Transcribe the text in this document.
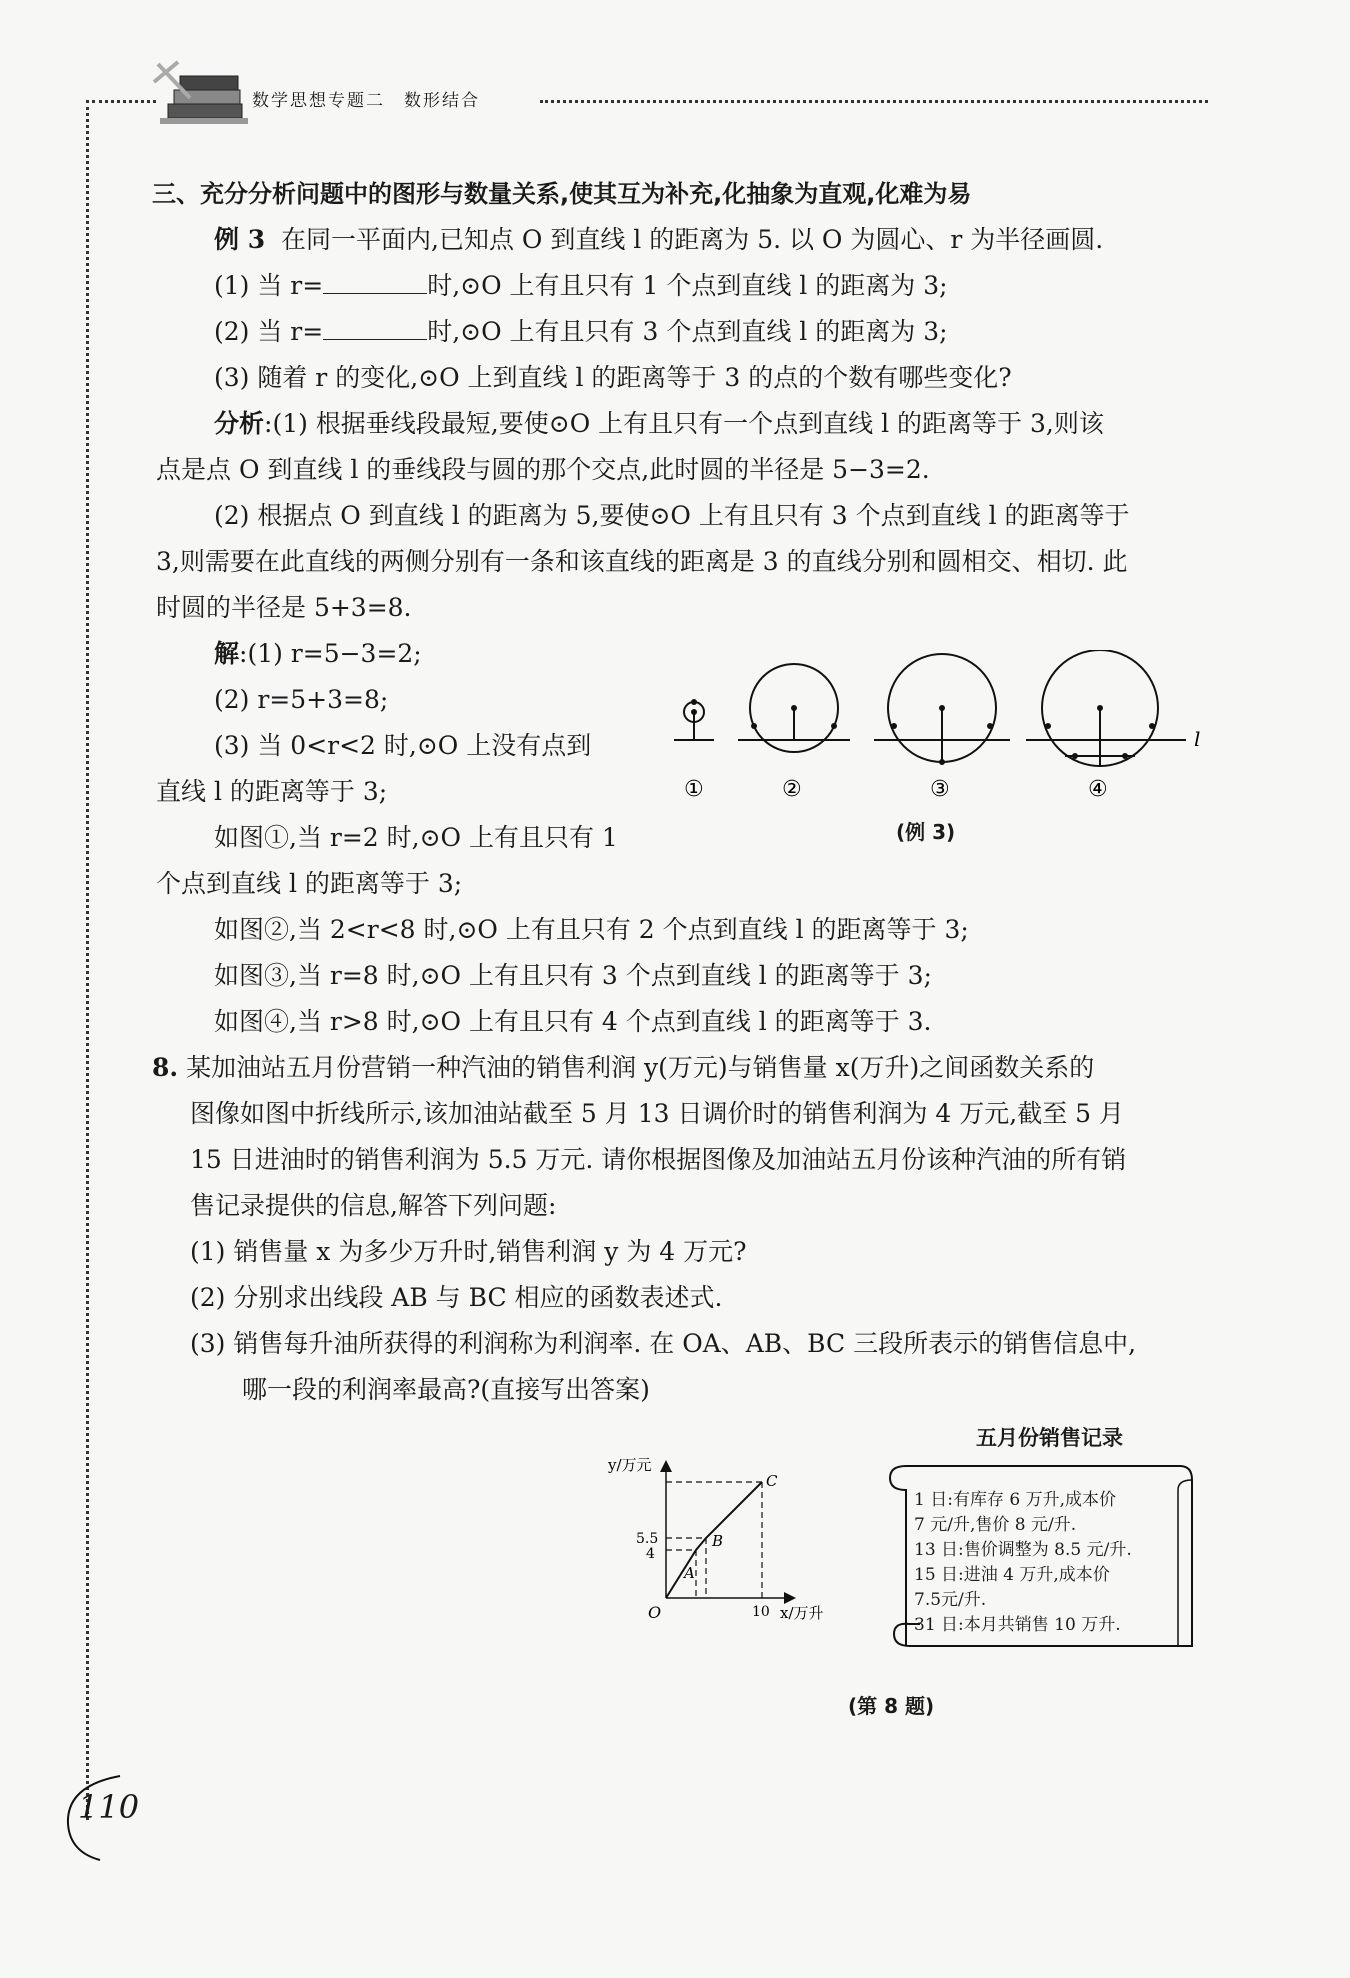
数学思想专题二　数形结合
三、充分分析问题中的图形与数量关系,使其互为补充,化抽象为直观,化难为易
例 3 在同一平面内,已知点 O 到直线 l 的距离为 5. 以 O 为圆心、r 为半径画圆.
(1) 当 r=	时,⊙O 上有且只有 1 个点到直线 l 的距离为 3;
(2) 当 r=	时,⊙O 上有且只有 3 个点到直线 l 的距离为 3;
(3) 随着 r 的变化,⊙O 上到直线 l 的距离等于 3 的点的个数有哪些变化?
分析:(1) 根据垂线段最短,要使⊙O 上有且只有一个点到直线 l 的距离等于 3,则该
点是点 O 到直线 l 的垂线段与圆的那个交点,此时圆的半径是 5−3=2.
(2) 根据点 O 到直线 l 的距离为 5,要使⊙O 上有且只有 3 个点到直线 l 的距离等于
3,则需要在此直线的两侧分别有一条和该直线的距离是 3 的直线分别和圆相交、相切. 此
时圆的半径是 5+3=8.
解:(1) r=5−3=2;
(2) r=5+3=8;
(3) 当 0<r<2 时,⊙O 上没有点到
直线 l 的距离等于 3;
如图①,当 r=2 时,⊙O 上有且只有 1
个点到直线 l 的距离等于 3;
如图②,当 2<r<8 时,⊙O 上有且只有 2 个点到直线 l 的距离等于 3;
如图③,当 r=8 时,⊙O 上有且只有 3 个点到直线 l 的距离等于 3;
如图④,当 r>8 时,⊙O 上有且只有 4 个点到直线 l 的距离等于 3.
l
①	②	③	④
(例 3)
8. 某加油站五月份营销一种汽油的销售利润 y(万元)与销售量 x(万升)之间函数关系的
图像如图中折线所示,该加油站截至 5 月 13 日调价时的销售利润为 4 万元,截至 5 月
15 日进油时的销售利润为 5.5 万元. 请你根据图像及加油站五月份该种汽油的所有销
售记录提供的信息,解答下列问题:
(1) 销售量 x 为多少万升时,销售利润 y 为 4 万元?
(2) 分别求出线段 AB 与 BC 相应的函数表述式.
(3) 销售每升油所获得的利润称为利润率. 在 OA、AB、BC 三段所表示的销售信息中,
哪一段的利润率最高?(直接写出答案)
y/万元
x/万升
O
5.5
4
10
A
B
C
五月份销售记录
1 日:有库存 6 万升,成本价
7 元/升,售价 8 元/升.
13 日:售价调整为 8.5 元/升.
15 日:进油 4 万升,成本价
7.5元/升.
31 日:本月共销售 10 万升.
(第 8 题)
110
